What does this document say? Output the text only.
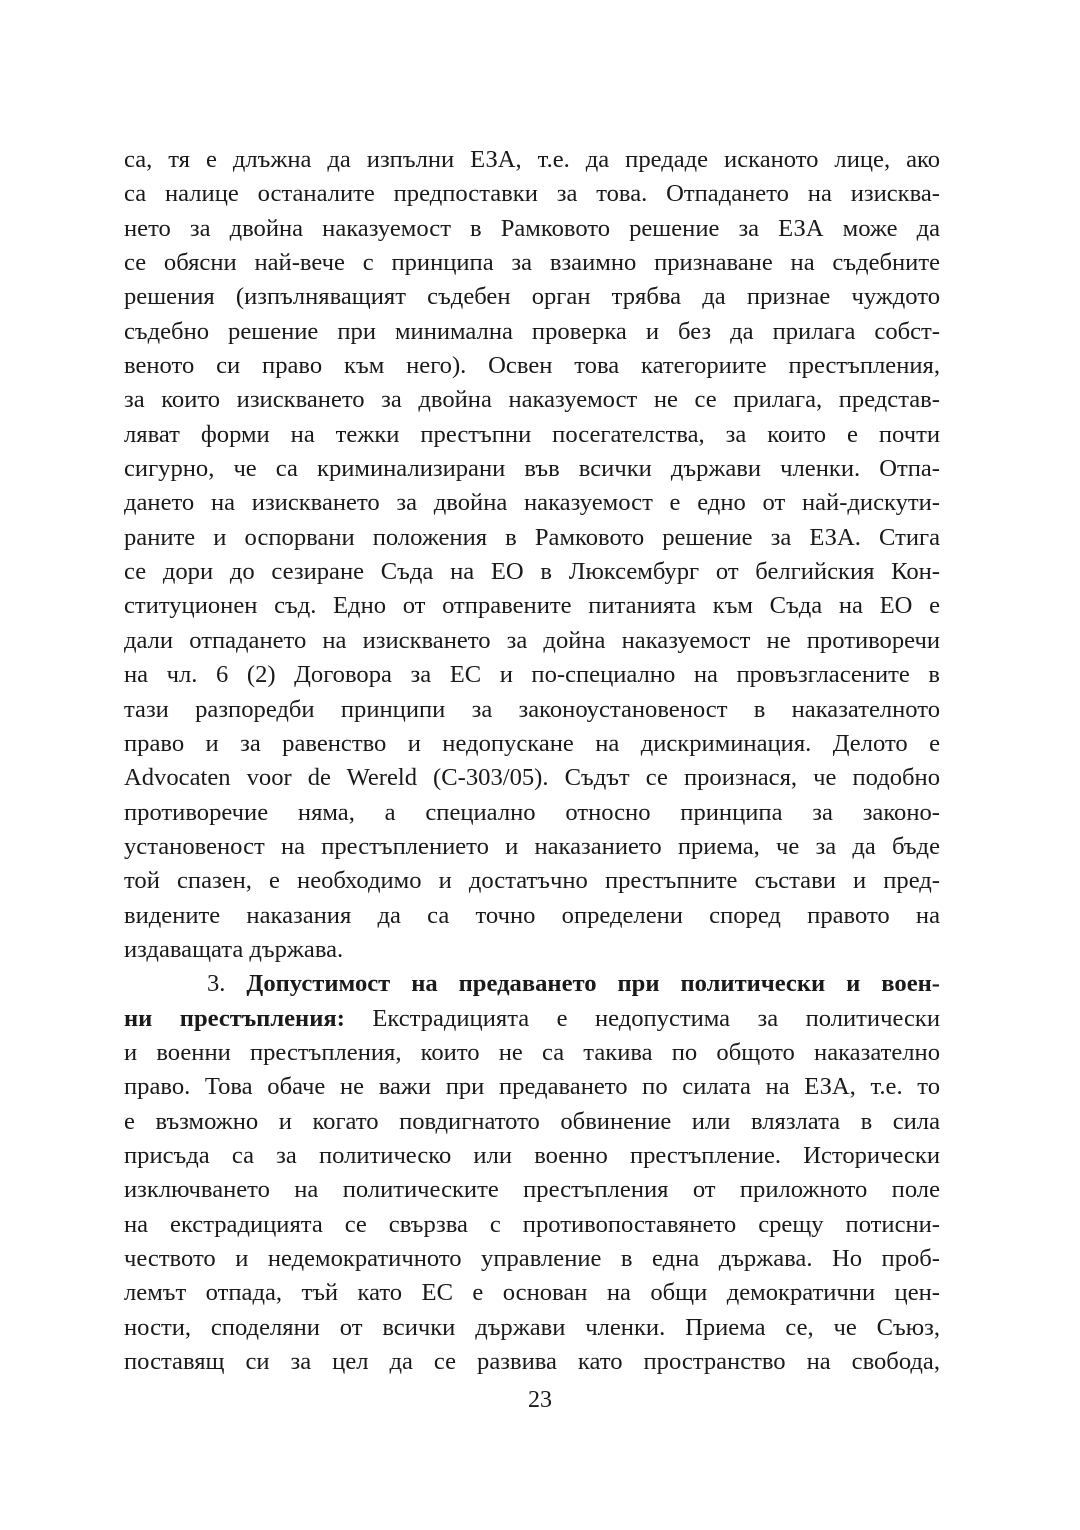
са, тя е длъжна да изпълни ЕЗА, т.е. да предаде исканото лице, ако
са налице останалите предпоставки за това. Отпадането на изисква-
нето за двойна наказуемост в Рамковото решение за ЕЗА може да
се обясни най-вече с принципа за взаимно признаване на съдебните
решения (изпълняващият съдебен орган трябва да признае чуждото
съдебно решение при минимална проверка и без да прилага собст-
веното си право към него). Освен това категориите престъпления,
за които изискването за двойна наказуемост не се прилага, представ-
ляват форми на тежки престъпни посегателства, за които е почти
сигурно, че са криминализирани във всички държави членки. Отпа-
дането на изискването за двойна наказуемост е едно от най-дискути-
раните и оспорвани положения в Рамковото решение за ЕЗА. Стига
се дори до сезиране Съда на ЕО в Люксембург от белгийския Кон-
ституционен съд. Едно от отправените питанията към Съда на ЕО е
дали отпадането на изискването за дойна наказуемост не противоречи
на чл. 6 (2) Договора за ЕС и по-специално на провъзгласените в
тази разпоредби принципи за законоустановеност в наказателното
право и за равенство и недопускане на дискриминация. Делото е
Advocaten voor de Wereld (C-303/05). Съдът се произнася, че подобно
противоречие няма, а специално относно принципа за законо-
установеност на престъплението и наказанието приема, че за да бъде
той спазен, е необходимо и достатъчно престъпните състави и пред-
видените наказания да са точно определени според правото на
издаващата държава.
3. Допустимост на предаването при политически и воен-
ни престъпления: Екстрадицията е недопустима за политически
и военни престъпления, които не са такива по общото наказателно
право. Това обаче не важи при предаването по силата на ЕЗА, т.е. то
е възможно и когато повдигнатото обвинение или влязлата в сила
присъда са за политическо или военно престъпление. Исторически
изключването на политическите престъпления от приложното поле
на екстрадицията се свързва с противопоставянето срещу потисни-
чеството и недемократичното управление в една държава. Но проб-
лемът отпада, тъй като ЕС е основан на общи демократични цен-
ности, споделяни от всички държави членки. Приема се, че Съюз,
поставящ си за цел да се развива като пространство на свобода,
23
